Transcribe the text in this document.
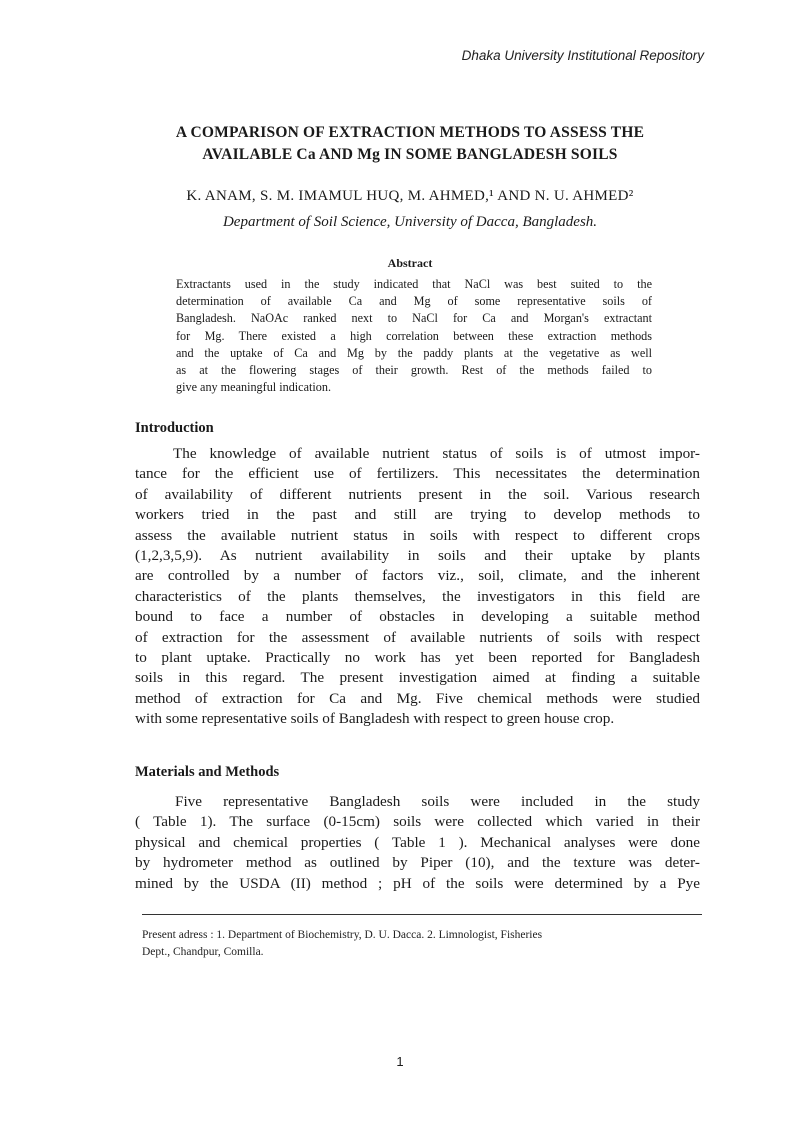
Dhaka University Institutional Repository
A COMPARISON OF EXTRACTION METHODS TO ASSESS THE
AVAILABLE Ca AND Mg IN SOME BANGLADESH SOILS
K. ANAM, S. M. IMAMUL HUQ, M. AHMED,¹ AND N. U. AHMED²
Department of Soil Science, University of Dacca, Bangladesh.
Abstract
Extractants used in the study indicated that NaCl was best suited to the
determination of available Ca and Mg of some representative soils of
Bangladesh. NaOAc ranked next to NaCl for Ca and Morgan's extractant
for Mg. There existed a high correlation between these extraction methods
and the uptake of Ca and Mg by the paddy plants at the vegetative as well
as at the flowering stages of their growth. Rest of the methods failed to
give any meaningful indication.
Introduction
The knowledge of available nutrient status of soils is of utmost impor-
tance for the efficient use of fertilizers. This necessitates the determination
of availability of different nutrients present in the soil. Various research
workers tried in the past and still are trying to develop methods to
assess the available nutrient status in soils with respect to different crops
(1,2,3,5,9). As nutrient availability in soils and their uptake by plants
are controlled by a number of factors viz., soil, climate, and the inherent
characteristics of the plants themselves, the investigators in this field are
bound to face a number of obstacles in developing a suitable method
of extraction for the assessment of available nutrients of soils with respect
to plant uptake. Practically no work has yet been reported for Bangladesh
soils in this regard. The present investigation aimed at finding a suitable
method of extraction for Ca and Mg. Five chemical methods were studied
with some representative soils of Bangladesh with respect to green house crop.
Materials and Methods
Five representative Bangladesh soils were included in the study
( Table 1). The surface (0-15cm) soils were collected which varied in their
physical and chemical properties ( Table 1 ). Mechanical analyses were done
by hydrometer method as outlined by Piper (10), and the texture was deter-
mined by the USDA (II) method ; pH of the soils were determined by a Pye
Present adress : 1. Department of Biochemistry, D. U. Dacca. 2. Limnologist, Fisheries
Dept., Chandpur, Comilla.
1
